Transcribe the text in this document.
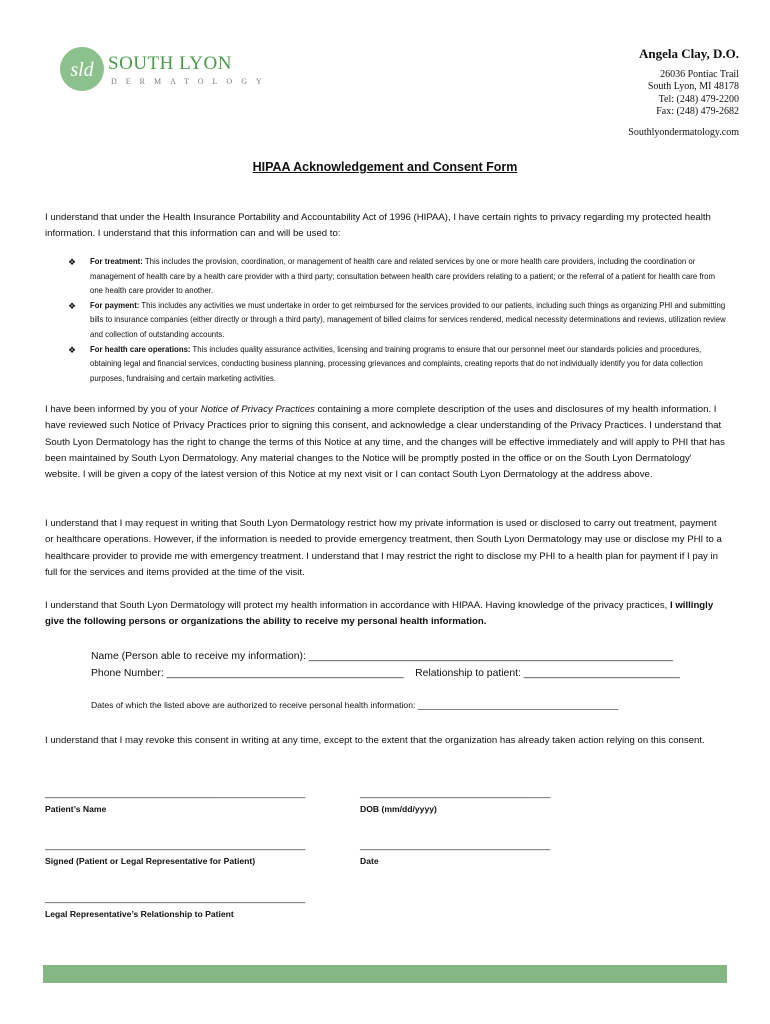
sld SOUTH LYON
DERMATOLOGY
Angela Clay, D.O.
26036 Pontiac Trail
South Lyon, MI 48178
Tel: (248) 479-2200
Fax: (248) 479-2682
Southlyondermatology.com
HIPAA Acknowledgement and Consent Form
I understand that under the Health Insurance Portability and Accountability Act of 1996 (HIPAA), I have certain rights to privacy regarding my protected health information. I understand that this information can and will be used to:
❖ For treatment: This includes the provision, coordination, or management of health care and related services by one or more health care providers, including the coordination or management of health care by a health care provider with a third party; consultation between health care providers relating to a patient; or the referral of a patient for health care from one health care provider to another.
❖ For payment: This includes any activities we must undertake in order to get reimbursed for the services provided to our patients, including such things as organizing PHI and submitting bills to insurance companies (either directly or through a third party), management of billed claims for services rendered, medical necessity determinations and reviews, utilization review and collection of outstanding accounts.
❖ For health care operations: This includes quality assurance activities, licensing and training programs to ensure that our personnel meet our standards policies and procedures, obtaining legal and financial services, conducting business planning, processing grievances and complaints, creating reports that do not individually identify you for data collection purposes, fundraising and certain marketing activities.
I have been informed by you of your Notice of Privacy Practices containing a more complete description of the uses and disclosures of my health information. I have reviewed such Notice of Privacy Practices prior to signing this consent, and acknowledge a clear understanding of the Privacy Practices. I understand that South Lyon Dermatology has the right to change the terms of this Notice at any time, and the changes will be effective immediately and will apply to PHI that has been maintained by South Lyon Dermatology. Any material changes to the Notice will be promptly posted in the office or on the South Lyon Dermatology' website. I will be given a copy of the latest version of this Notice at my next visit or I can contact South Lyon Dermatology at the address above.
I understand that I may request in writing that South Lyon Dermatology restrict how my private information is used or disclosed to carry out treatment, payment or healthcare operations. However, if the information is needed to provide emergency treatment, then South Lyon Dermatology may use or disclose my PHI to a healthcare provider to provide me with emergency treatment. I understand that I may restrict the right to disclose my PHI to a health plan for payment if I pay in full for the services and items provided at the time of the visit.
I understand that South Lyon Dermatology will protect my health information in accordance with HIPAA. Having knowledge of the privacy practices, I willingly give the following persons or organizations the ability to receive my personal health information.
Name (Person able to receive my information): _______________________________________________________________
Phone Number: _________________________________________ Relationship to patient: ___________________________
Dates of which the listed above are authorized to receive personal health information: __________________________________________
I understand that I may revoke this consent in writing at any time, except to the extent that the organization has already taken action relying on this consent.
____________________________________________________
Patient’s Name
______________________________________
DOB (mm/dd/yyyy)
____________________________________________________
Signed (Patient or Legal Representative for Patient)
______________________________________
Date
____________________________________________________
Legal Representative’s Relationship to Patient
